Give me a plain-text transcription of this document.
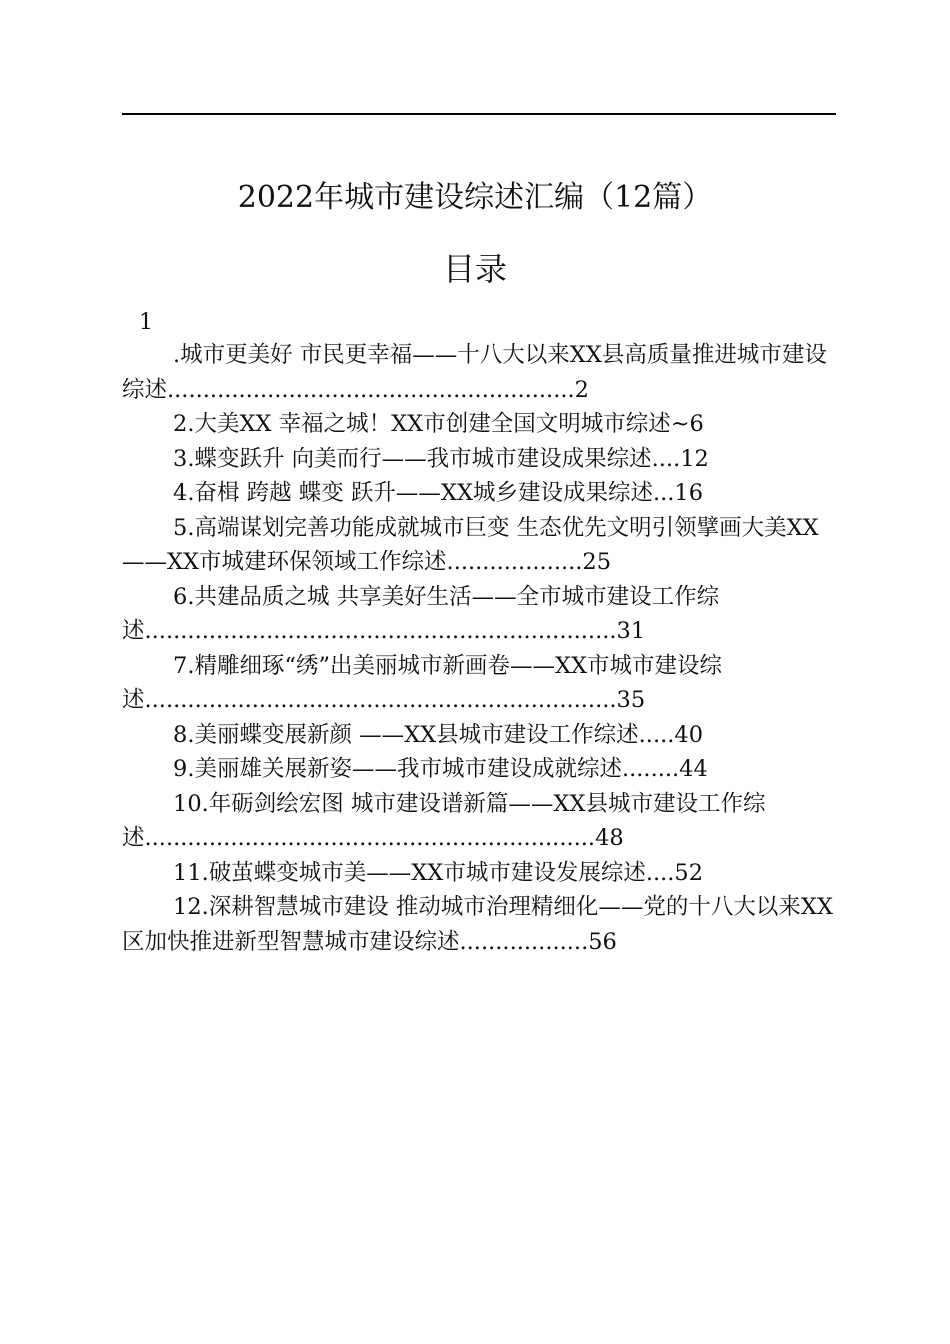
2022年城市建设综述汇编（12篇）
目录
1

.城市更美好 市民更幸福——十八大以来XX县高质量推进城市建设综述.........................................................2

2.大美XX 幸福之城！XX市创建全国文明城市综述~6

3.蝶变跃升 向美而行——我市城市建设成果综述....12

4.奋楫 跨越 蝶变 跃升——XX城乡建设成果综述...16

5.高端谋划完善功能成就城市巨变 生态优先文明引领擘画大美XX——XX市城建环保领域工作综述...................25

6.共建品质之城 共享美好生活——全市城市建设工作综述..................................................................31

7.精雕细琢“绣”出美丽城市新画卷——XX市城市建设综述..................................................................35

8.美丽蝶变展新颜 ——XX县城市建设工作综述.....40

9.美丽雄关展新姿——我市城市建设成就综述........44

10.年砺剑绘宏图 城市建设谱新篇——XX县城市建设工作综述...............................................................48

11.破茧蝶变城市美——XX市城市建设发展综述....52

12.深耕智慧城市建设 推动城市治理精细化——党的十八大以来XX区加快推进新型智慧城市建设综述..................56
